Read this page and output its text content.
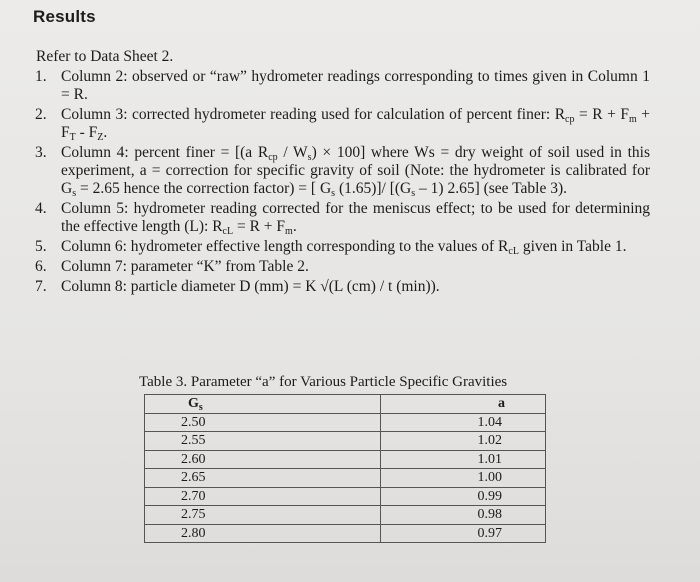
Results
Refer to Data Sheet 2.
1. Column 2: observed or “raw” hydrometer readings corresponding to times given in Column 1 = R.
2. Column 3: corrected hydrometer reading used for calculation of percent finer: $R_{cp} = R + F_m + F_T - F_Z$.
3. Column 4: percent finer = [(a $R_{cp} / W_s) \times 100$] where Ws = dry weight of soil used in this experiment, a = correction for specific gravity of soil (Note: the hydrometer is calibrated for $G_s = 2.65$ hence the correction factor) = [ $G_s$ (1.65)]/ [$(G_s - 1)$ 2.65] (see Table 3).
4. Column 5: hydrometer reading corrected for the meniscus effect; to be used for determining the effective length (L): $R_{cL} = R + F_m$.
5. Column 6: hydrometer effective length corresponding to the values of $R_{cL}$ given in Table 1.
6. Column 7: parameter “K” from Table 2.
7. Column 8: particle diameter D (mm) = K √(L (cm) / t (min)).
Table 3. Parameter “a” for Various Particle Specific Gravities
$G_s$	a
2.50	1.04
2.55	1.02
2.60	1.01
2.65	1.00
2.70	0.99
2.75	0.98
2.80	0.97
